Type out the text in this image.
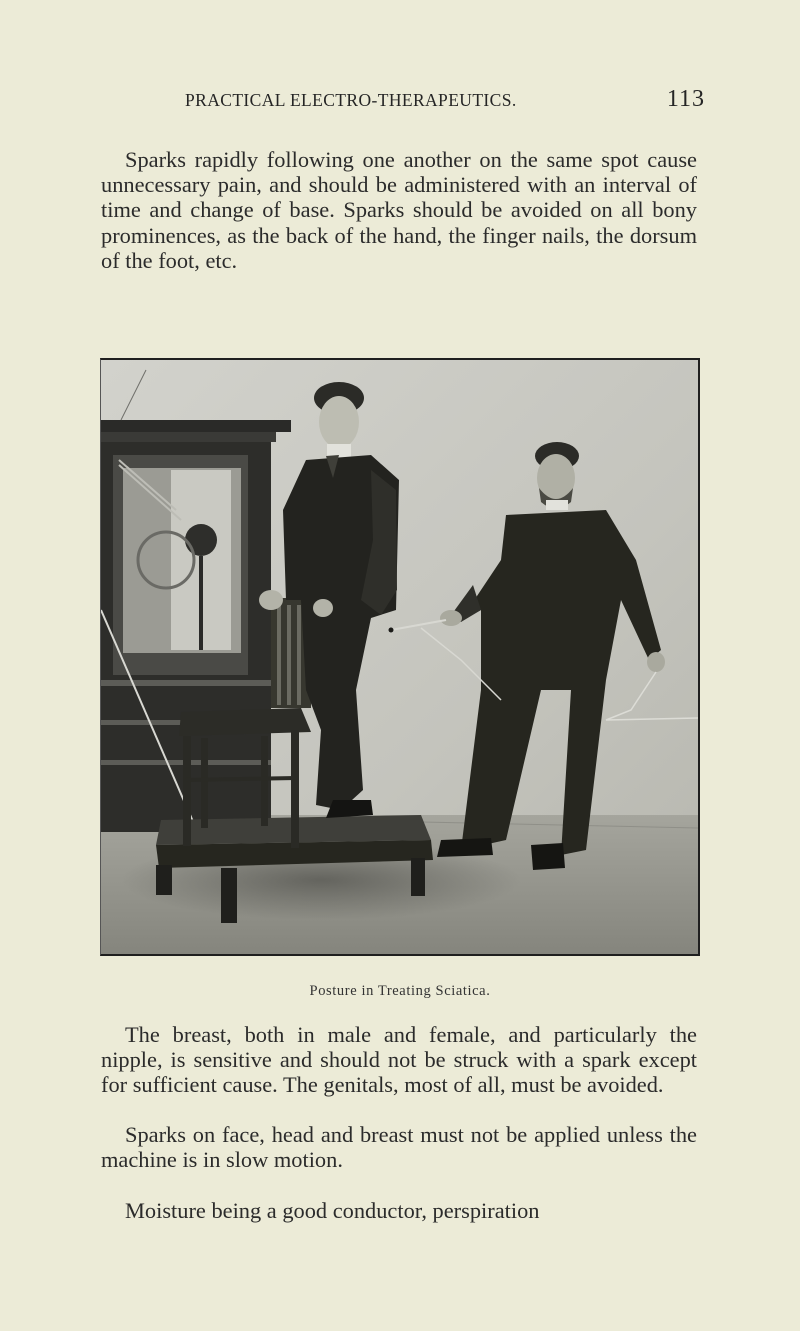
PRACTICAL ELECTRO-THERAPEUTICS.	113

Sparks rapidly following one another on the same spot cause unnecessary pain, and should be administered with an interval of time and change of base. Sparks should be avoided on all bony prominences, as the back of the hand, the finger nails, the dorsum of the foot, etc.

Posture in Treating Sciatica.

The breast, both in male and female, and particularly the nipple, is sensitive and should not be struck with a spark except for sufficient cause. The genitals, most of all, must be avoided.

Sparks on face, head and breast must not be applied unless the machine is in slow motion.

Moisture being a good conductor, perspiration
